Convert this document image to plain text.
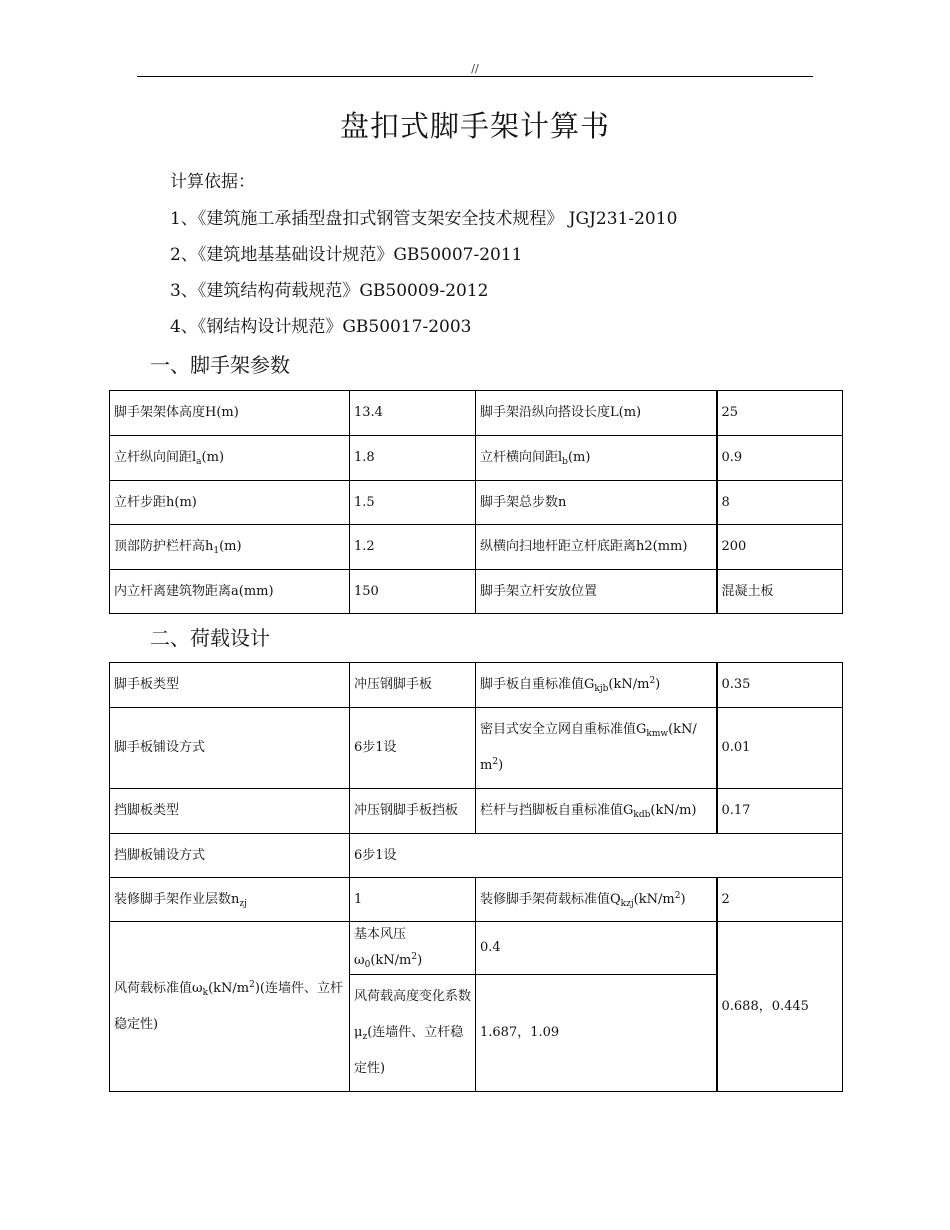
//
盘扣式脚手架计算书
计算依据：
1、《建筑施工承插型盘扣式钢管支架安全技术规程》 JGJ231-2010
2、《建筑地基基础设计规范》GB50007-2011
3、《建筑结构荷载规范》GB50009-2012
4、《钢结构设计规范》GB50017-2003
一、脚手架参数
脚手架架体高度H(m)	13.4	脚手架沿纵向搭设长度L(m)	25
立杆纵向间距$l_a(m)$	1.8	立杆横向间距$l_b(m)$	0.9
立杆步距h(m)	1.5	脚手架总步数n	8
顶部防护栏杆高$h_1(m)$	1.2	纵横向扫地杆距立杆底距离h2(mm)	200
内立杆离建筑物距离a(mm)	150	脚手架立杆安放位置	混凝土板
二、荷载设计
脚手板类型	冲压钢脚手板	脚手板自重标准值$G_{kjb}(kN/m^2)$	0.35
脚手板铺设方式	6步1设	密目式安全立网自重标准值$G_{kmw}(kN/$
$m^2$)	0.01
挡脚板类型	冲压钢脚手板挡板	栏杆与挡脚板自重标准值$G_{kdb}(kN/m)$	0.17
挡脚板铺设方式	6步1设		
装修脚手架作业层数$n_{zj}$	1	装修脚手架荷载标准值$Q_{kzj}(kN/m^2)$	2
风荷载标准值$\omega_k(kN/m^2)$(连墙件、立杆稳定性)	基本风压$\omega_0(kN/m^2)$	0.4	0.688，0.445
	风荷载高度变化系数$\mu_z$(连墙件、立杆稳定性)	1.687，1.09	
